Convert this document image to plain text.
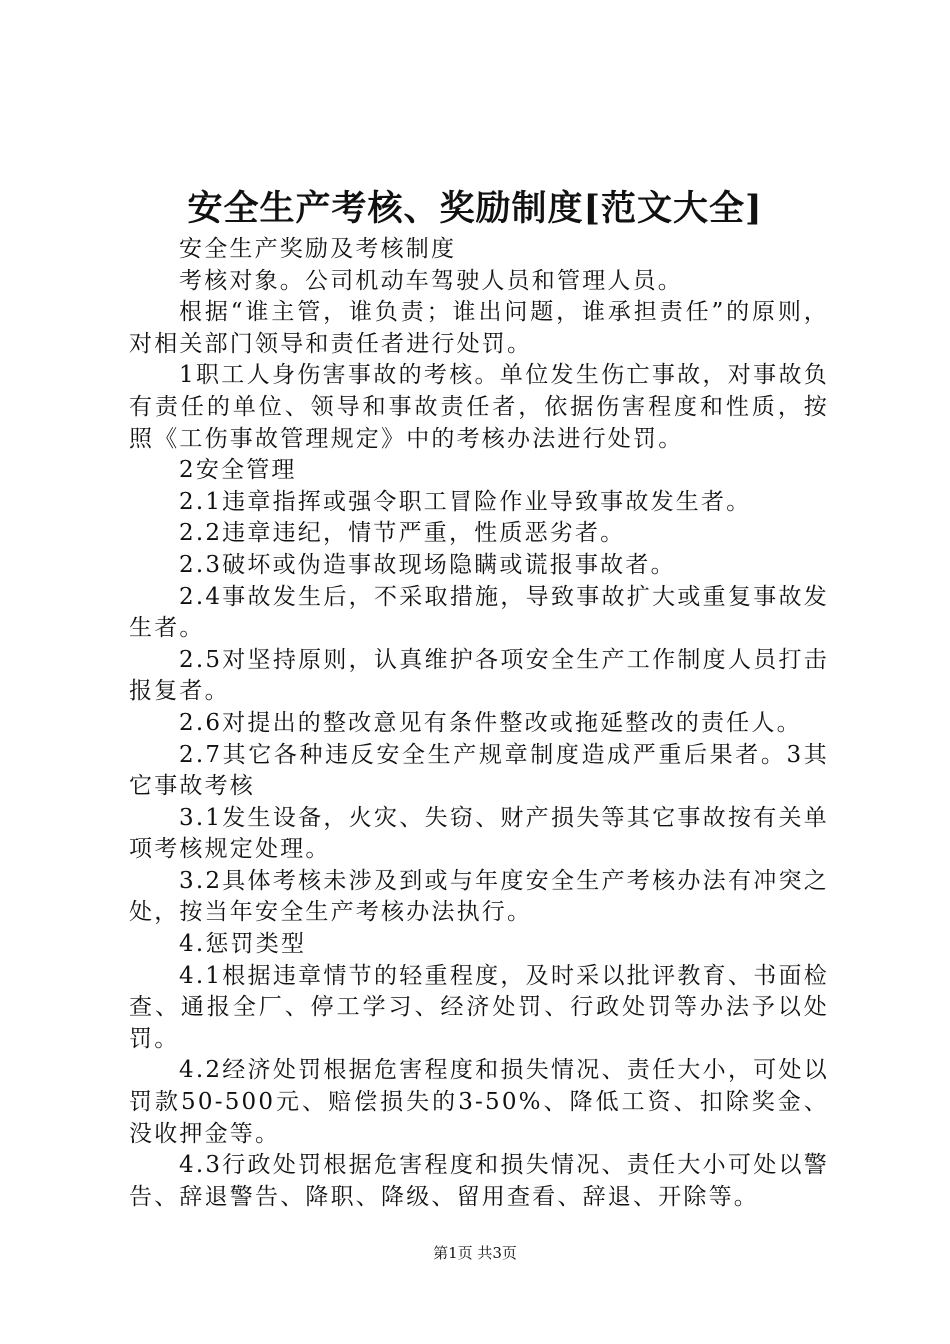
安全生产考核、奖励制度[范文大全]

安全生产奖励及考核制度

考核对象。公司机动车驾驶人员和管理人员。

根据“谁主管，谁负责；谁出问题，谁承担责任”的原则，对相关部门领导和责任者进行处罚。

1职工人身伤害事故的考核。单位发生伤亡事故，对事故负有责任的单位、领导和事故责任者，依据伤害程度和性质，按照《工伤事故管理规定》中的考核办法进行处罚。

2安全管理

2.1违章指挥或强令职工冒险作业导致事故发生者。

2.2违章违纪，情节严重，性质恶劣者。

2.3破坏或伪造事故现场隐瞒或谎报事故者。

2.4事故发生后，不采取措施，导致事故扩大或重复事故发生者。

2.5对坚持原则，认真维护各项安全生产工作制度人员打击报复者。

2.6对提出的整改意见有条件整改或拖延整改的责任人。

2.7其它各种违反安全生产规章制度造成严重后果者。3其它事故考核

3.1发生设备，火灾、失窃、财产损失等其它事故按有关单项考核规定处理。

3.2具体考核未涉及到或与年度安全生产考核办法有冲突之处，按当年安全生产考核办法执行。

4.惩罚类型

4.1根据违章情节的轻重程度，及时采以批评教育、书面检查、通报全厂、停工学习、经济处罚、行政处罚等办法予以处罚。

4.2经济处罚根据危害程度和损失情况、责任大小，可处以罚款50-500元、赔偿损失的3-50%、降低工资、扣除奖金、没收押金等。

4.3行政处罚根据危害程度和损失情况、责任大小可处以警告、辞退警告、降职、降级、留用查看、辞退、开除等。

第1页 共3页
